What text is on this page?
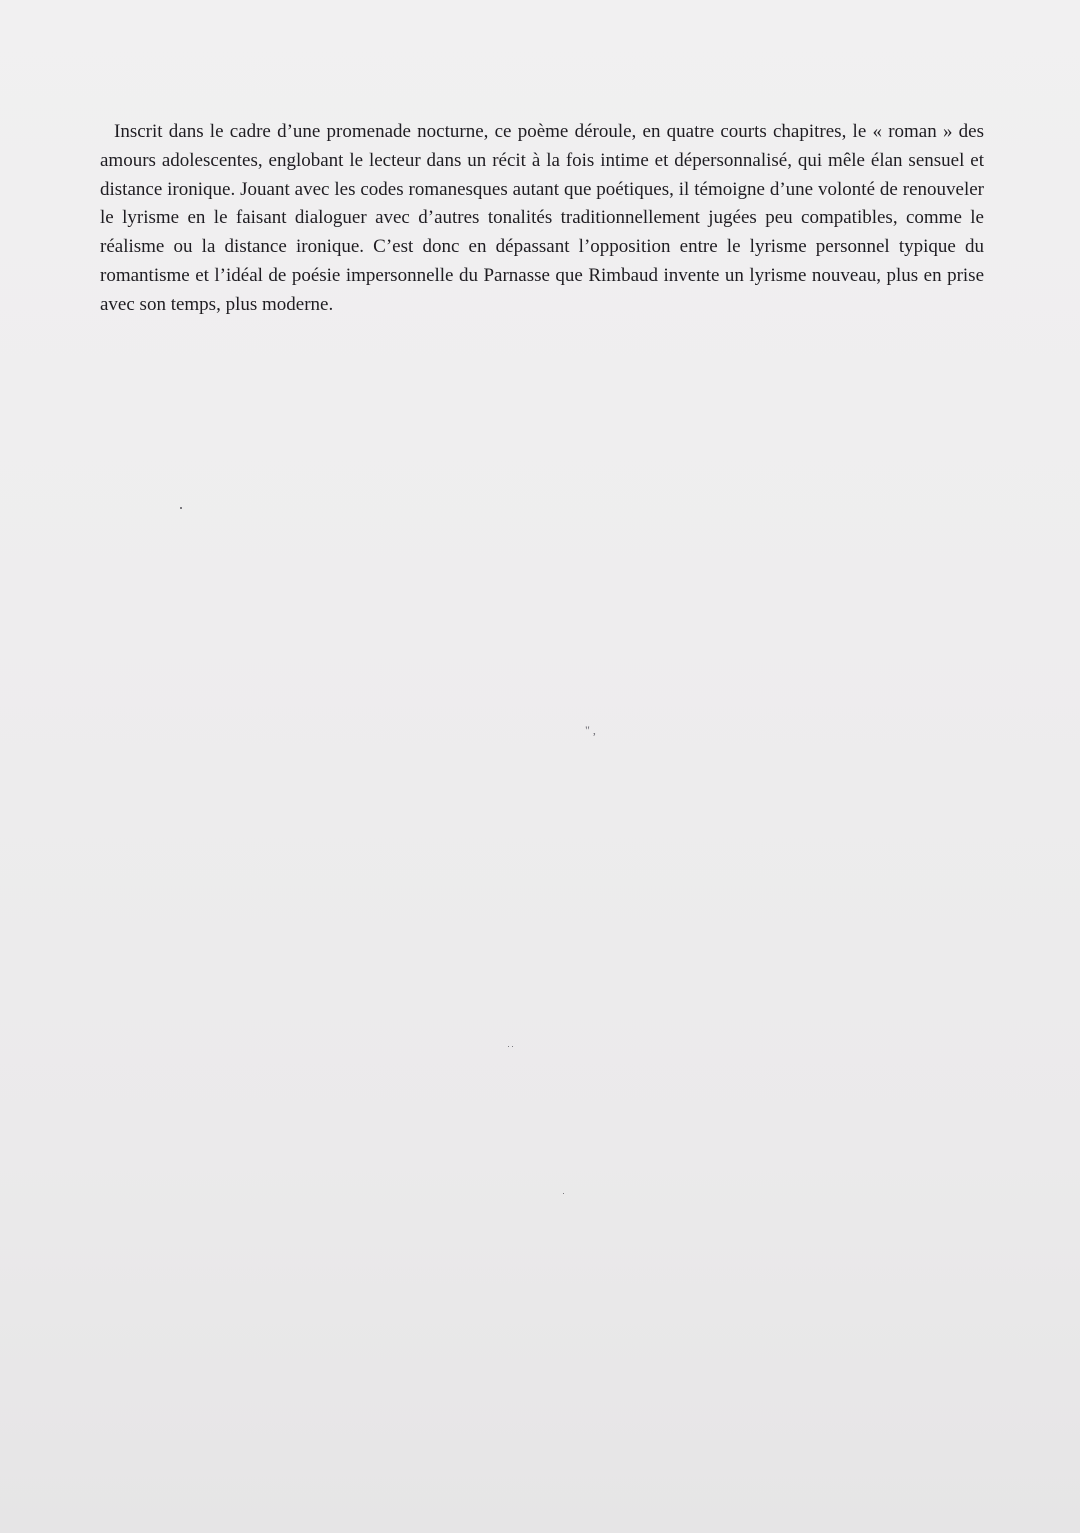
Inscrit dans le cadre d’une promenade nocturne, ce poème déroule, en quatre courts chapitres, le « roman » des amours adolescentes, englobant le lecteur dans un récit à la fois intime et dépersonnalisé, qui mêle élan sensuel et distance ironique. Jouant avec les codes romanesques autant que poétiques, il témoigne d’une volonté de renouveler le lyrisme en le faisant dialoguer avec d’autres tonalités traditionnellement jugées peu compatibles, comme le réalisme ou la distance ironique. C’est donc en dépassant l’opposition entre le lyrisme personnel typique du romantisme et l’idéal de poésie impersonnelle du Parnasse que Rimbaud invente un lyrisme nouveau, plus en prise avec son temps, plus moderne.

" ,
